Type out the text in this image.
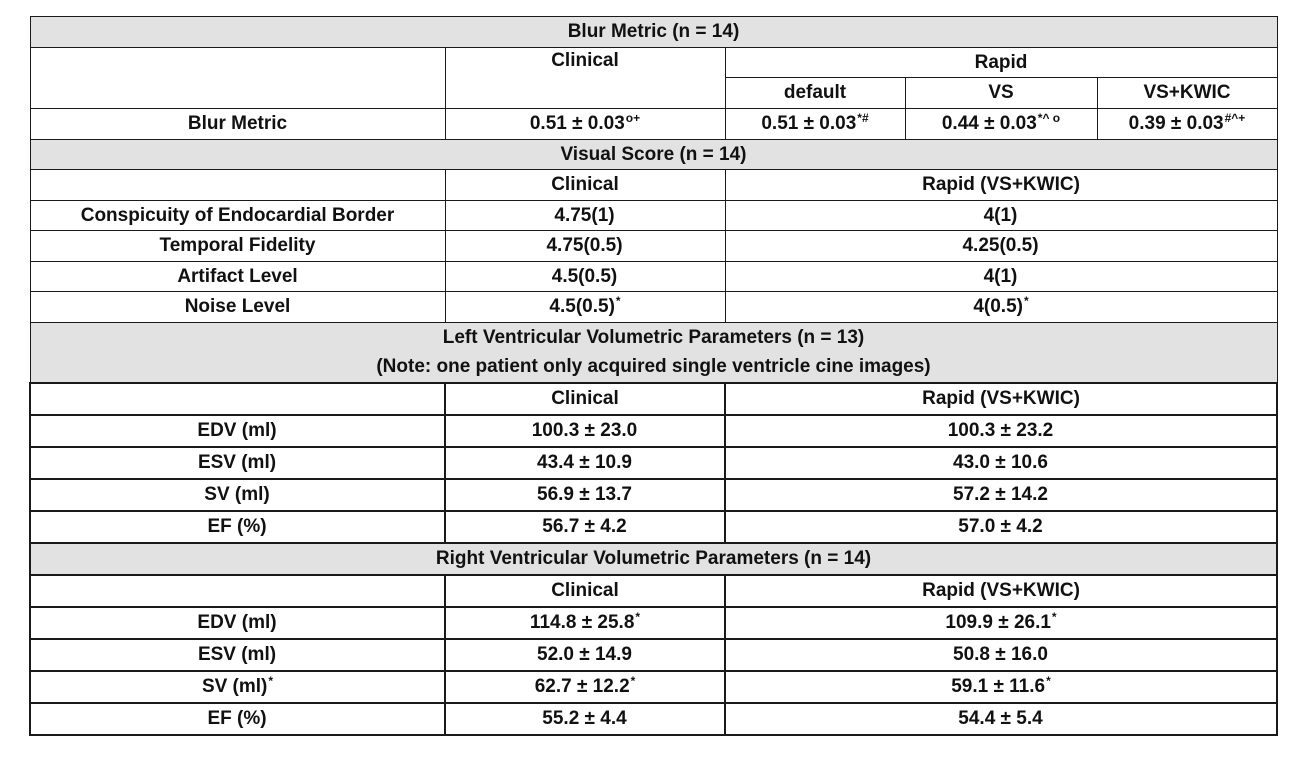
Blur Metric (n = 14)				
	Clinical	Rapid		
		default	VS	VS+KWIC
Blur Metric	$0.51 \pm 0.03^{o+}$	0.51 ± 0.03*#	$0.44 \pm 0.03^{*\^{} o}$	0.39 ± 0.03#^+
Visual Score (n = 14)				
	Clinical	Rapid (VS+KWIC)		
Conspicuity of Endocardial Border	4.75(1)	4(1)		
Temporal Fidelity	4.75(0.5)	4.25(0.5)		
Artifact Level	4.5(0.5)	4(1)		
Noise Level	4.5(0.5)*	4(0.5)*
Left Ventricular Volumetric Parameters (n = 13)				
(Note: one patient only acquired single ventricle cine images)				
	Clinical	Rapid (VS+KWIC)		
EDV (ml)	100.3 ± 23.0	100.3 ± 23.2		
ESV (ml)	43.4 ± 10.9	43.0 ± 10.6		
SV (ml)	56.9 ± 13.7	57.2 ± 14.2		
EF (%)	56.7 ± 4.2	57.0 ± 4.2		
Right Ventricular Volumetric Parameters (n = 14)				
	Clinical	Rapid (VS+KWIC)		
EDV (ml)	114.8 ± 25.8*	109.9 ± 26.1*
ESV (ml)	52.0 ± 14.9	50.8 ± 16.0		
SV (ml)*	62.7 ± 12.2*	59.1 ± 11.6*
EF (%)	55.2 ± 4.4	54.4 ± 5.4		
